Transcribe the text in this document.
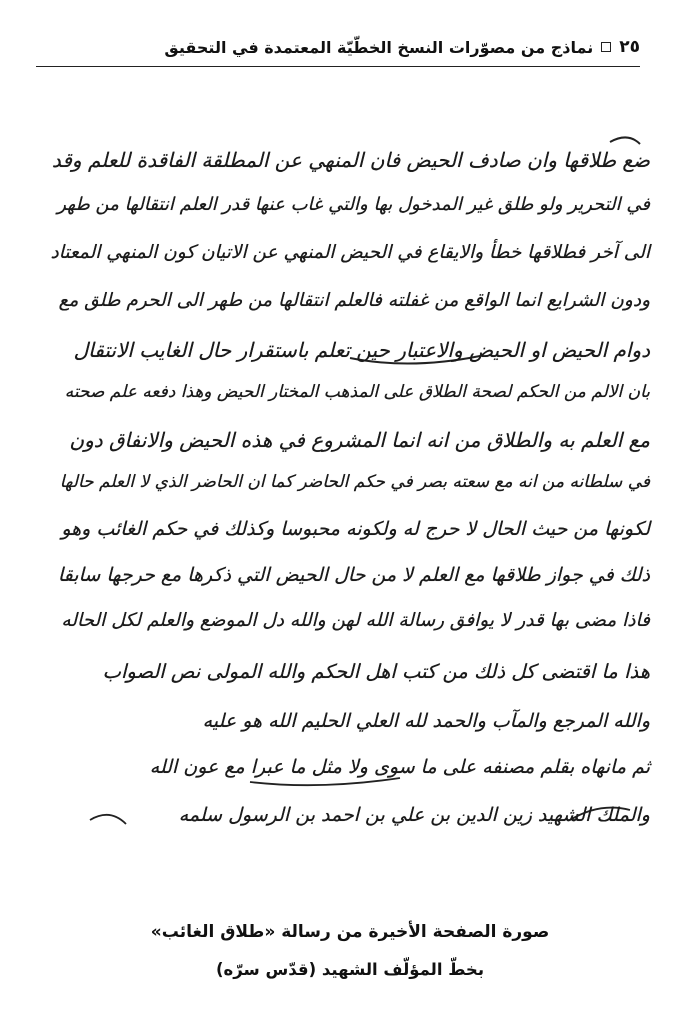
٢٥
نماذج من مصوّرات النسخ الخطّيّة المعتمدة في التحقيق
ضع طلاقها وان صادف الحيض فان المنهي عن المطلقة الفاقدة للعلم وقد
في التحرير ولو طلق غير المدخول بها والتي غاب عنها قدر العلم انتقالها من طهر
الى آخر فطلاقها خطأ والايقاع في الحيض المنهي عن الاتيان كون المنهي المعتاد
ودون الشرايع انما الواقع من غفلته فالعلم انتقالها من طهر الى الحرم طلق مع
دوام الحيض او الحيض والاعتبار حين تعلم باستقرار حال الغايب الانتقال
بان الالم من الحكم لصحة الطلاق على المذهب المختار الحيض وهذا دفعه علم صحته
مع العلم به والطلاق من انه انما المشروع في هذه الحيض والانفاق دون
في سلطانه من انه مع سعته بصر في حكم الحاضر كما ان الحاضر الذي لا العلم حالها
لكونها من حيث الحال لا حرج له ولكونه محبوسا وكذلك في حكم الغائب وهو
ذلك في جواز طلاقها مع العلم لا من حال الحيض التي ذكرها مع حرجها سابقا
فاذا مضى بها قدر لا يوافق رسالة الله لهن والله دل الموضع والعلم لكل الحاله
هذا ما اقتضى كل ذلك من كتب اهل الحكم والله المولى نص الصواب
والله المرجع والمآب والحمد لله العلي الحليم الله هو عليه
ثم مانهاه بقلم مصنفه على ما سوى ولا مثل ما عبرا مع عون الله
والملك الشهيد زين الدين بن علي بن احمد بن الرسول سلمه
صورة الصفحة الأخيرة من رسالة «طلاق الغائب»
بخطّ المؤلّف الشهيد (قدّس سرّه)
